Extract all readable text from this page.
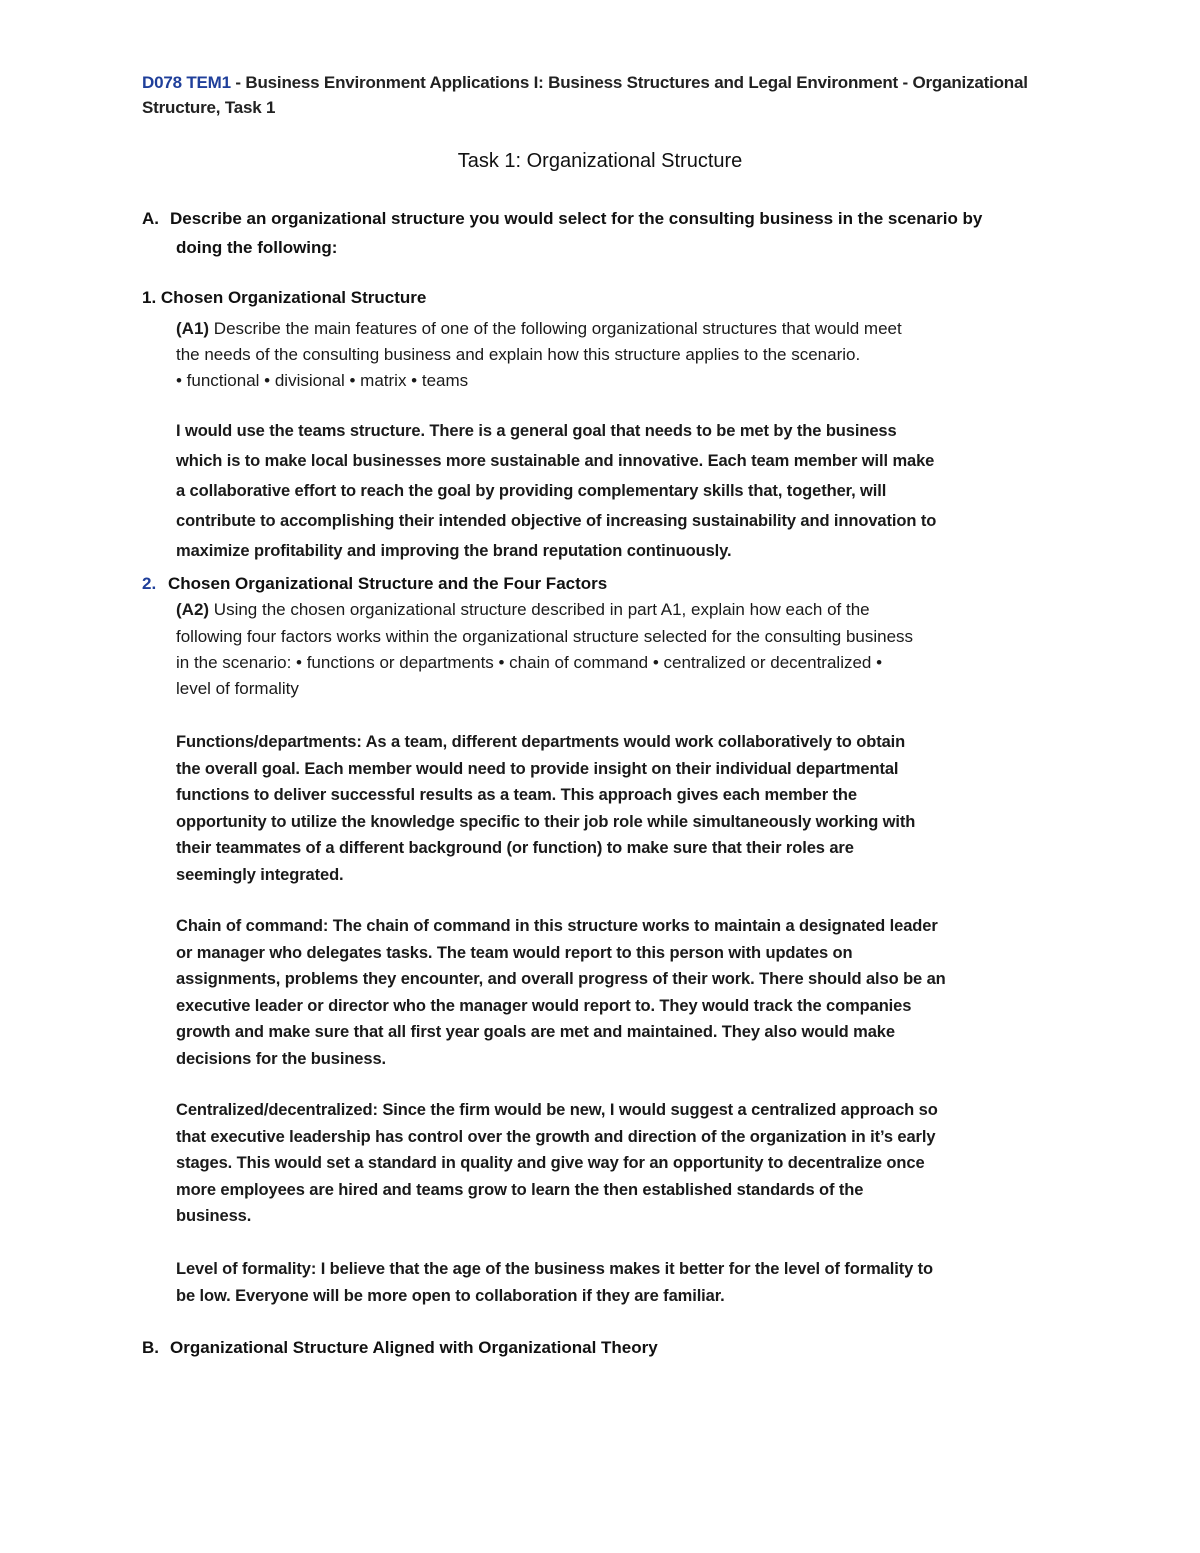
D078 TEM1 - Business Environment Applications I: Business Structures and Legal Environment - Organizational Structure, Task 1
Task 1: Organizational Structure
A. Describe an organizational structure you would select for the consulting business in the scenario by
doing the following:
1. Chosen Organizational Structure
(A1) Describe the main features of one of the following organizational structures that would meet
the needs of the consulting business and explain how this structure applies to the scenario.
• functional • divisional • matrix • teams
I would use the teams structure. There is a general goal that needs to be met by the business
which is to make local businesses more sustainable and innovative. Each team member will make
a collaborative effort to reach the goal by providing complementary skills that, together, will
contribute to accomplishing their intended objective of increasing sustainability and innovation to
maximize profitability and improving the brand reputation continuously.
2. Chosen Organizational Structure and the Four Factors
(A2) Using the chosen organizational structure described in part A1, explain how each of the
following four factors works within the organizational structure selected for the consulting business
in the scenario: • functions or departments • chain of command • centralized or decentralized •
level of formality
Functions/departments: As a team, different departments would work collaboratively to obtain
the overall goal. Each member would need to provide insight on their individual departmental
functions to deliver successful results as a team. This approach gives each member the
opportunity to utilize the knowledge specific to their job role while simultaneously working with
their teammates of a different background (or function) to make sure that their roles are
seemingly integrated.
Chain of command: The chain of command in this structure works to maintain a designated leader
or manager who delegates tasks. The team would report to this person with updates on
assignments, problems they encounter, and overall progress of their work. There should also be an
executive leader or director who the manager would report to. They would track the companies
growth and make sure that all first year goals are met and maintained. They also would make
decisions for the business.
Centralized/decentralized: Since the firm would be new, I would suggest a centralized approach so
that executive leadership has control over the growth and direction of the organization in it’s early
stages. This would set a standard in quality and give way for an opportunity to decentralize once
more employees are hired and teams grow to learn the then established standards of the
business.
Level of formality: I believe that the age of the business makes it better for the level of formality to
be low. Everyone will be more open to collaboration if they are familiar.
B. Organizational Structure Aligned with Organizational Theory
